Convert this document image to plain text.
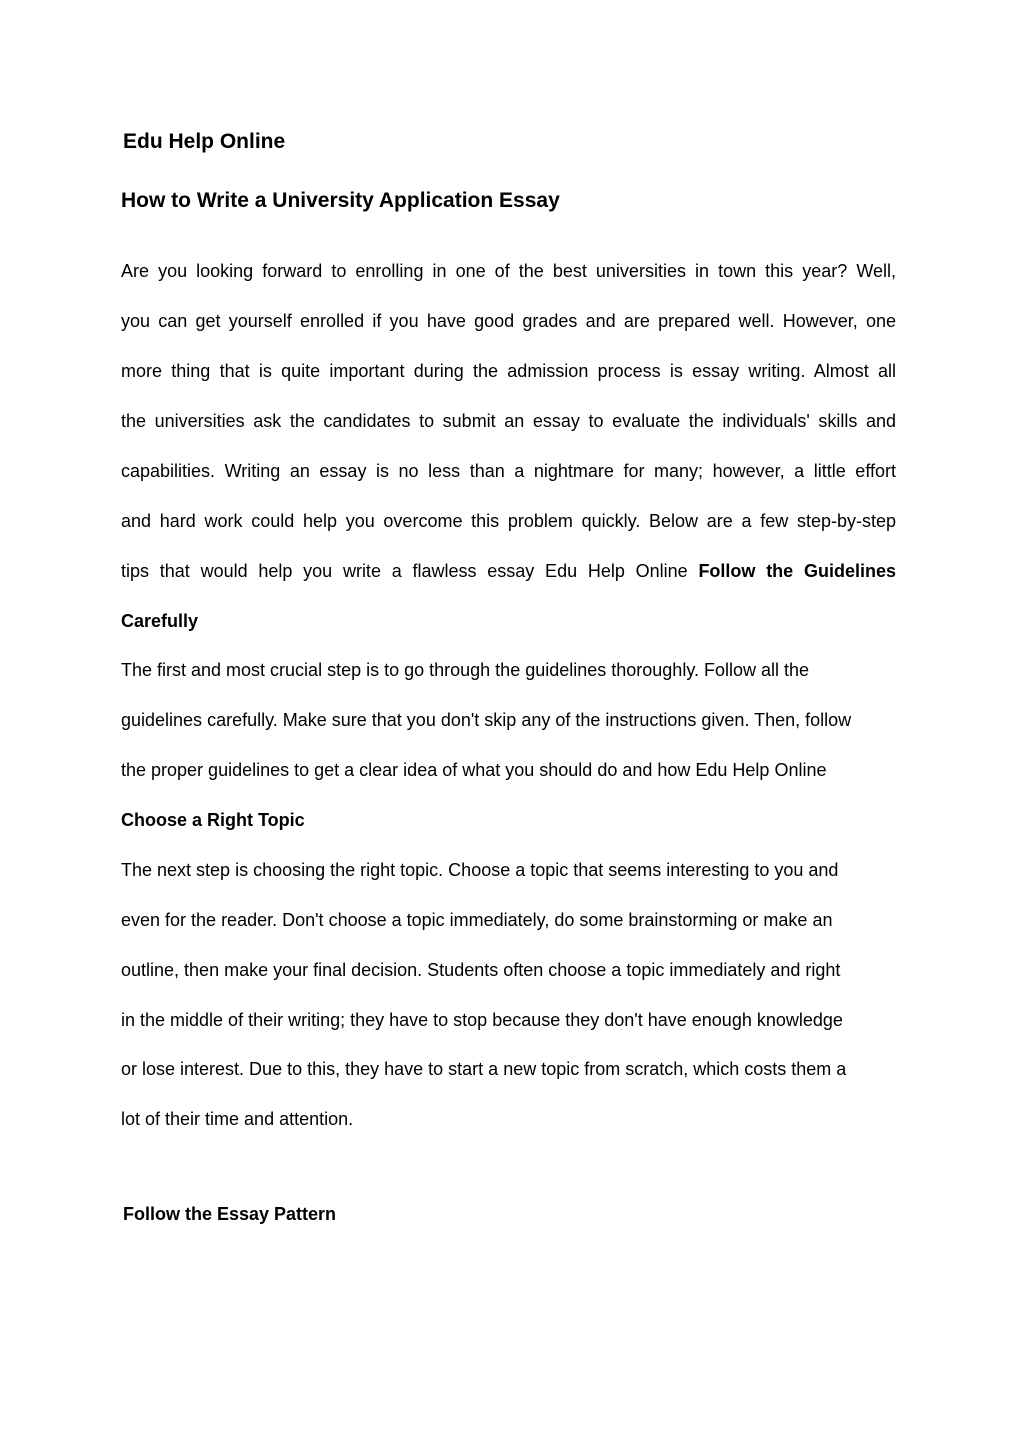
Edu Help Online
How to Write a University Application Essay

Are you looking forward to enrolling in one of the best universities in town this year? Well,

you can get yourself enrolled if you have good grades and are prepared well. However, one

more thing that is quite important during the admission process is essay writing. Almost all

the universities ask the candidates to submit an essay to evaluate the individuals' skills and

capabilities. Writing an essay is no less than a nightmare for many; however, a little effort

and hard work could help you overcome this problem quickly. Below are a few step-by-step

tips that would help you write a flawless essay Edu Help Online Follow the Guidelines

Carefully

The first and most crucial step is to go through the guidelines thoroughly. Follow all the

guidelines carefully. Make sure that you don't skip any of the instructions given. Then, follow

the proper guidelines to get a clear idea of what you should do and how Edu Help Online

Choose a Right Topic

The next step is choosing the right topic. Choose a topic that seems interesting to you and

even for the reader. Don't choose a topic immediately, do some brainstorming or make an

outline, then make your final decision. Students often choose a topic immediately and right

in the middle of their writing; they have to stop because they don't have enough knowledge

or lose interest. Due to this, they have to start a new topic from scratch, which costs them a

lot of their time and attention.

Follow the Essay Pattern
